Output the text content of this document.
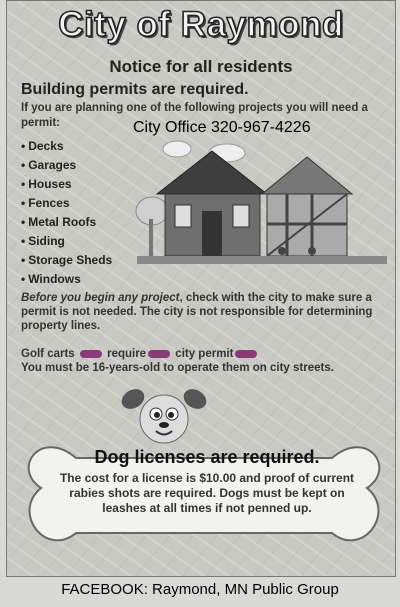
City of Raymond
Notice for all residents
Building permits are required.
If you are planning one of the following projects you will need a permit:	City Office 320-967-4226
• Decks
• Garages
• Houses
• Fences
• Metal Roofs
• Siding
• Storage Sheds
• Windows
Before you begin any project, check with the city to make sure a permit is not needed. The city is not responsible for determining property lines.
Golf carts	require	city permit
You must be 16-years-old to operate them on city streets.
Dog licenses are required.
The cost for a license is $10.00 and proof of current rabies shots are required. Dogs must be kept on leashes at all times if not penned up.
FACEBOOK: Raymond, MN Public Group
